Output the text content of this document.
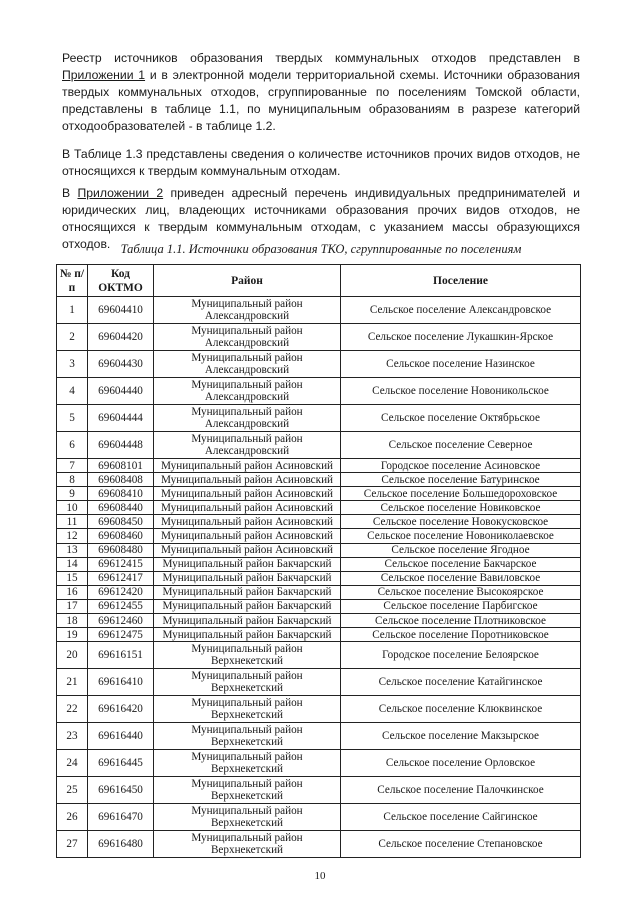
Реестр источников образования твердых коммунальных отходов представлен в Приложении 1 и в электронной модели территориальной схемы. Источники образования твердых коммунальных отходов, сгруппированные по поселениям Томской области, представлены в таблице 1.1, по муниципальным образованиям в разрезе категорий отходообразователей - в таблице 1.2.

В Таблице 1.3 представлены сведения о количестве источников прочих видов отходов, не относящихся к твердым коммунальным отходам.

В Приложении 2 приведен адресный перечень индивидуальных предпринимателей и юридических лиц, владеющих источниками образования прочих видов отходов, не относящихся к твердым коммунальным отходам, с указанием массы образующихся отходов. Таблица 1.1. Источники образования ТКО, сгруппированные по поселениям

№ п/п	Код ОКТМО	Район	Поселение
1	69604410	Муниципальный район Александровский	Сельское поселение Александровское
2	69604420	Муниципальный район Александровский	Сельское поселение Лукашкин-Ярское
3	69604430	Муниципальный район Александровский	Сельское поселение Назинское
4	69604440	Муниципальный район Александровский	Сельское поселение Новоникольское
5	69604444	Муниципальный район Александровский	Сельское поселение Октябрьское
6	69604448	Муниципальный район Александровский	Сельское поселение Северное
7	69608101	Муниципальный район Асиновский	Городское поселение Асиновское
8	69608408	Муниципальный район Асиновский	Сельское поселение Батуринское
9	69608410	Муниципальный район Асиновский	Сельское поселение Большедороховское
10	69608440	Муниципальный район Асиновский	Сельское поселение Новиковское
11	69608450	Муниципальный район Асиновский	Сельское поселение Новокусковское
12	69608460	Муниципальный район Асиновский	Сельское поселение Новониколаевское
13	69608480	Муниципальный район Асиновский	Сельское поселение Ягодное
14	69612415	Муниципальный район Бакчарский	Сельское поселение Бакчарское
15	69612417	Муниципальный район Бакчарский	Сельское поселение Вавиловское
16	69612420	Муниципальный район Бакчарский	Сельское поселение Высокоярское
17	69612455	Муниципальный район Бакчарский	Сельское поселение Парбигское
18	69612460	Муниципальный район Бакчарский	Сельское поселение Плотниковское
19	69612475	Муниципальный район Бакчарский	Сельское поселение Поротниковское
20	69616151	Муниципальный район Верхнекетский	Городское поселение Белоярское
21	69616410	Муниципальный район Верхнекетский	Сельское поселение Катайгинское
22	69616420	Муниципальный район Верхнекетский	Сельское поселение Клюквинское
23	69616440	Муниципальный район Верхнекетский	Сельское поселение Макзырское
24	69616445	Муниципальный район Верхнекетский	Сельское поселение Орловское
25	69616450	Муниципальный район Верхнекетский	Сельское поселение Палочкинское
26	69616470	Муниципальный район Верхнекетский	Сельское поселение Сайгинское
27	69616480	Муниципальный район Верхнекетский	Сельское поселение Степановское

10
